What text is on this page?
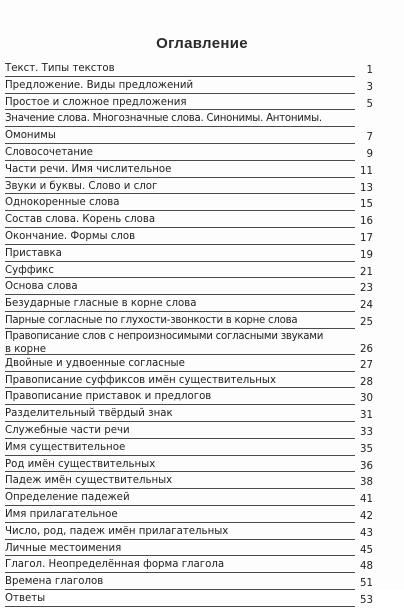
Оглавление
Текст. Типы текстов	1
Предложение. Виды предложений	3
Простое и сложное предложения	5
Значение слова. Многозначные слова. Синонимы. Антонимы.
Омонимы	7
Словосочетание	9
Части речи. Имя числительное	11
Звуки и буквы. Слово и слог	13
Однокоренные слова	15
Состав слова. Корень слова	16
Окончание. Формы слов	17
Приставка	19
Суффикс	21
Основа слова	23
Безударные гласные в корне слова	24
Парные согласные по глухости-звонкости в корне слова	25
Правописание слов с непроизносимыми согласными звуками
в корне	26
Двойные и удвоенные согласные	27
Правописание суффиксов имён существительных	28
Правописание приставок и предлогов	30
Разделительный твёрдый знак	31
Служебные части речи	33
Имя существительное	35
Род имён существительных	36
Падеж имён существительных	38
Определение падежей	41
Имя прилагательное	42
Число, род, падеж имён прилагательных	43
Личные местоимения	45
Глагол. Неопределённая форма глагола	48
Времена глаголов	51
Ответы	53
